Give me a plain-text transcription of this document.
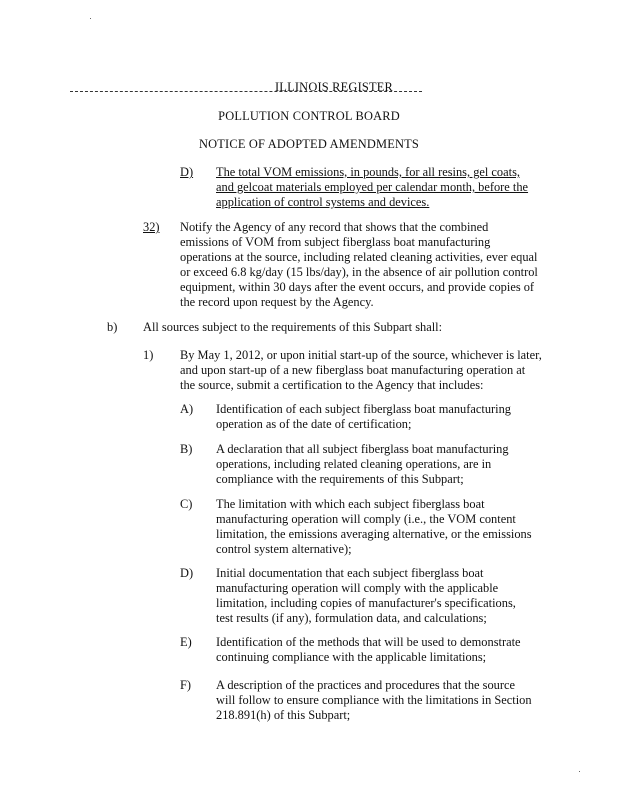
ILLINOIS REGISTER
POLLUTION CONTROL BOARD
NOTICE OF ADOPTED AMENDMENTS
D) The total VOM emissions, in pounds, for all resins, gel coats, and gelcoat materials employed per calendar month, before the application of control systems and devices.
32) Notify the Agency of any record that shows that the combined emissions of VOM from subject fiberglass boat manufacturing operations at the source, including related cleaning activities, ever equal or exceed 6.8 kg/day (15 lbs/day), in the absence of air pollution control equipment, within 30 days after the event occurs, and provide copies of the record upon request by the Agency.
b) All sources subject to the requirements of this Subpart shall:
1) By May 1, 2012, or upon initial start-up of the source, whichever is later, and upon start-up of a new fiberglass boat manufacturing operation at the source, submit a certification to the Agency that includes:
A) Identification of each subject fiberglass boat manufacturing operation as of the date of certification;
B) A declaration that all subject fiberglass boat manufacturing operations, including related cleaning operations, are in compliance with the requirements of this Subpart;
C) The limitation with which each subject fiberglass boat manufacturing operation will comply (i.e., the VOM content limitation, the emissions averaging alternative, or the emissions control system alternative);
D) Initial documentation that each subject fiberglass boat manufacturing operation will comply with the applicable limitation, including copies of manufacturer's specifications, test results (if any), formulation data, and calculations;
E) Identification of the methods that will be used to demonstrate continuing compliance with the applicable limitations;
F) A description of the practices and procedures that the source will follow to ensure compliance with the limitations in Section 218.891(h) of this Subpart;
